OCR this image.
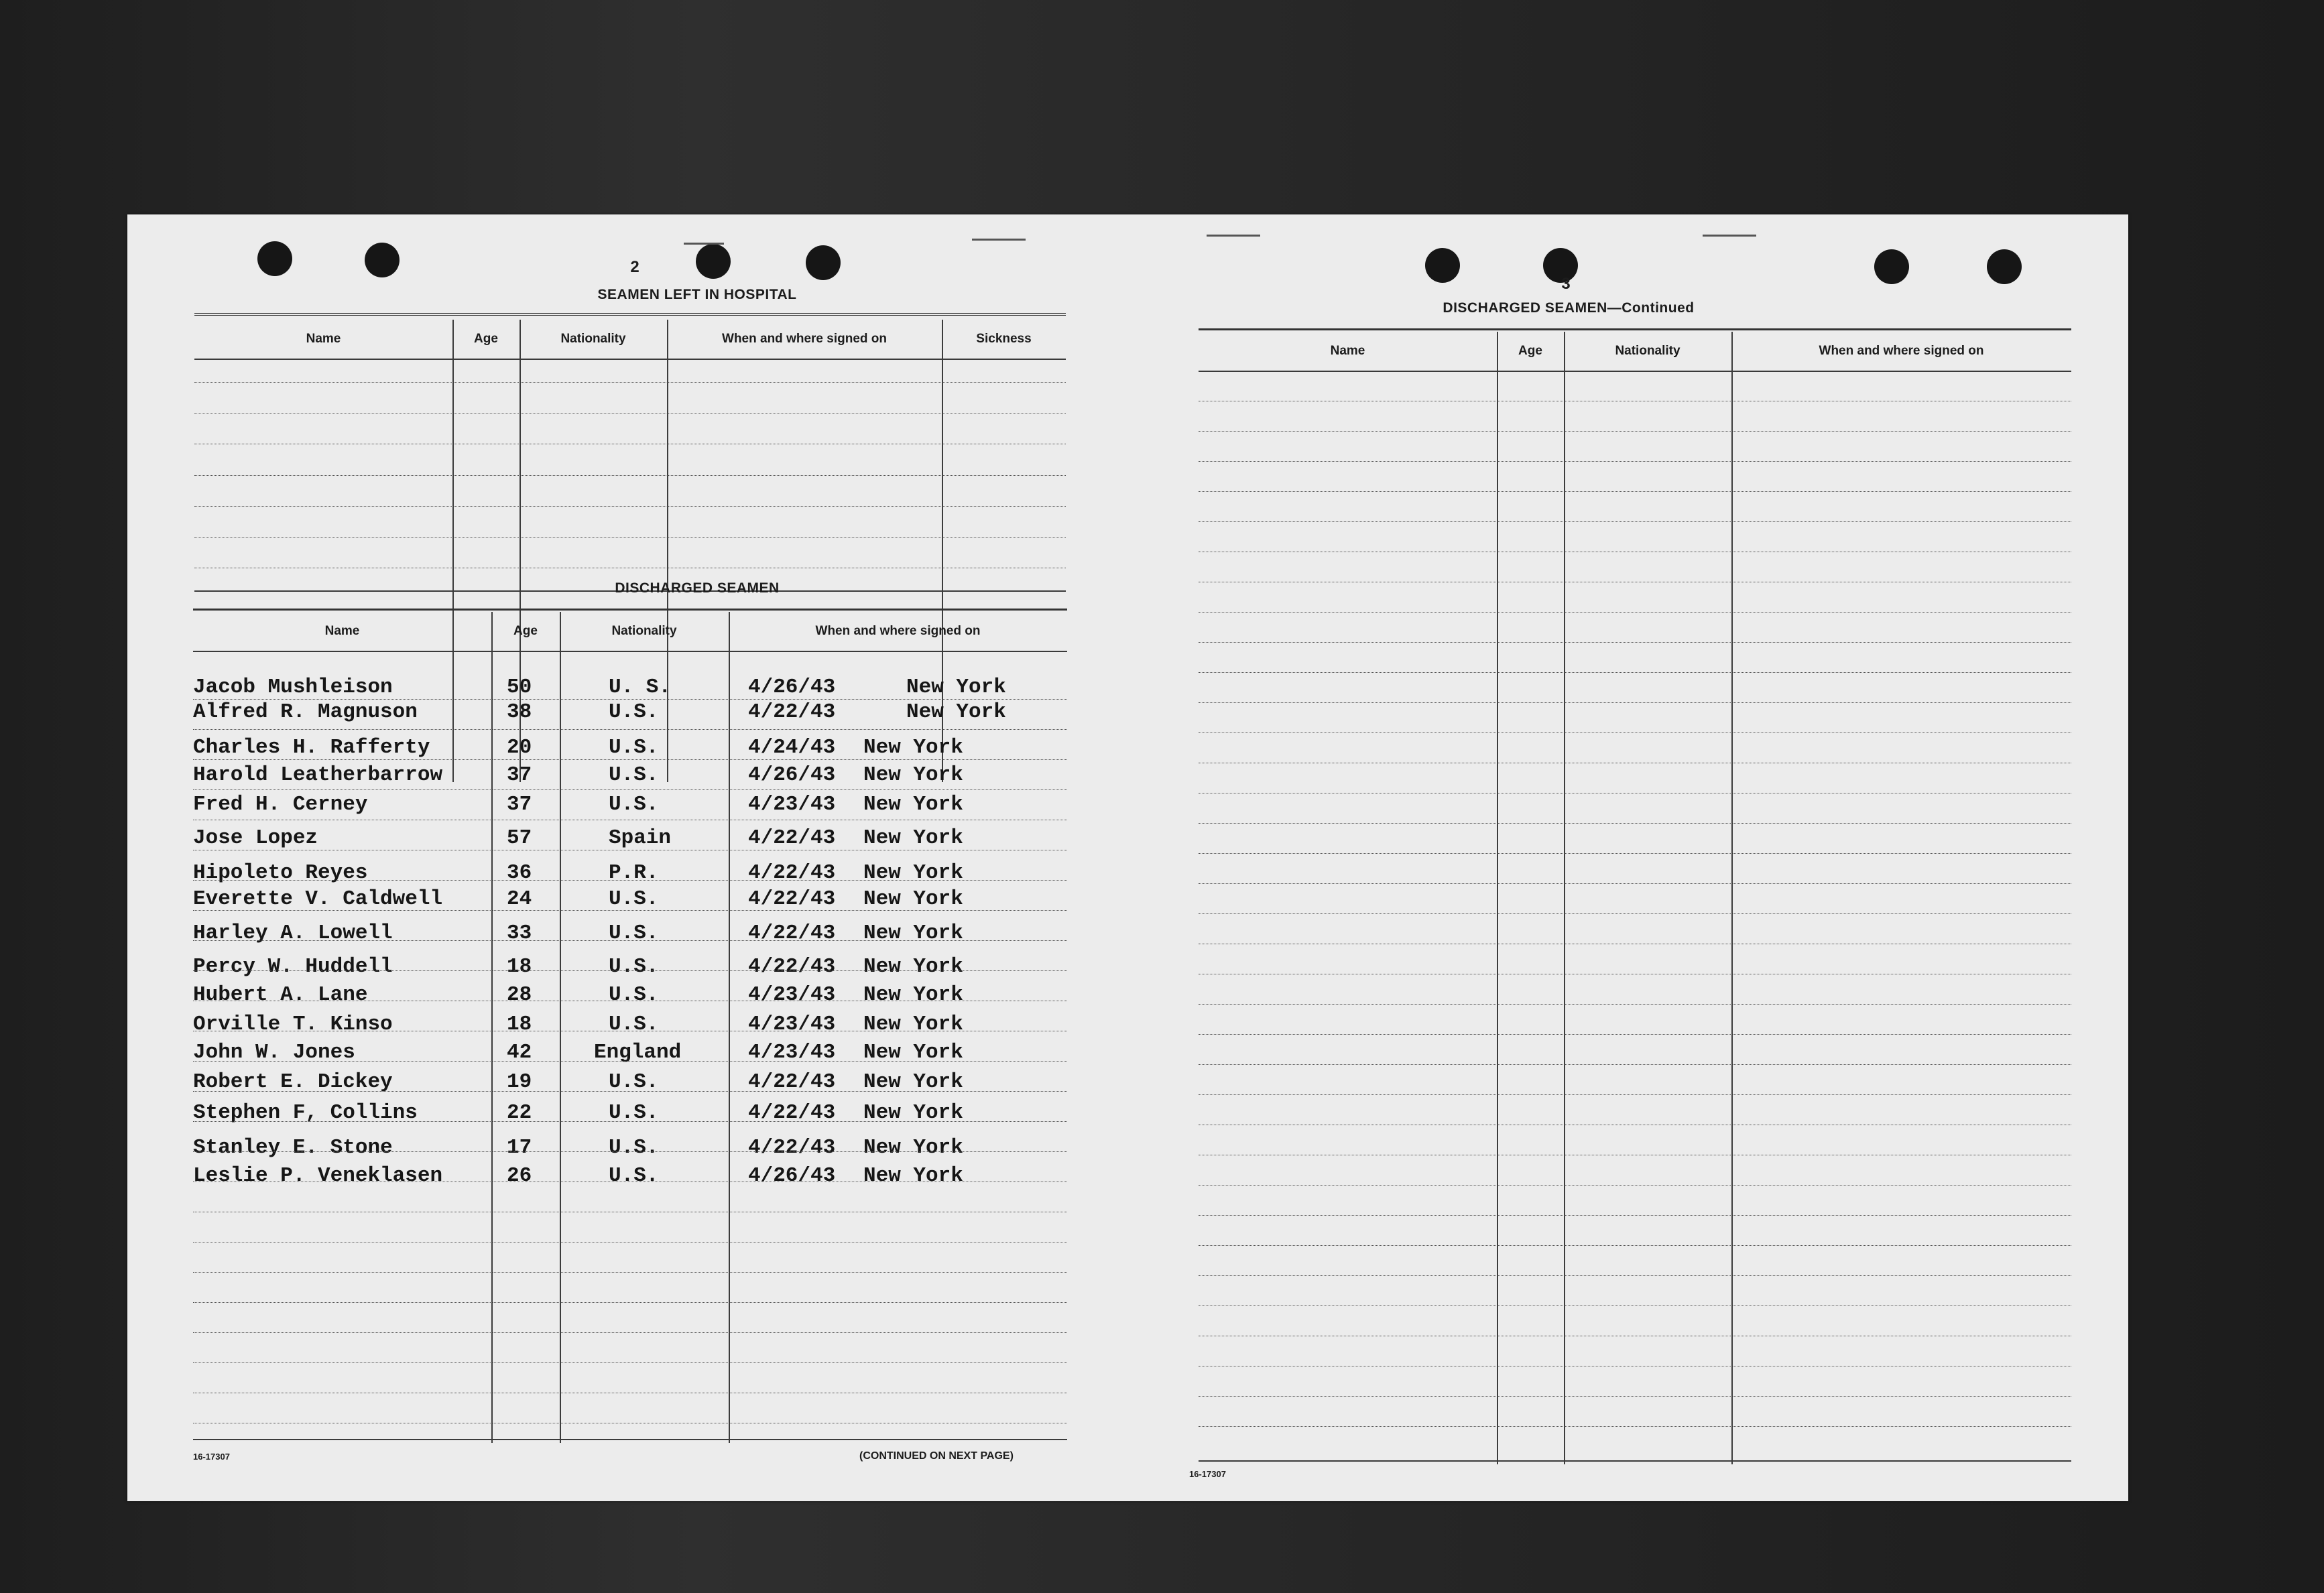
2
SEAMEN LEFT IN HOSPITAL
Name	Age	Nationality	When and where signed on	Sickness
DISCHARGED SEAMEN
Name	Age	Nationality	When and where signed on
Jacob Mushleison	50	U. S.	4/26/43	New York
Alfred R. Magnuson	38	U.S.	4/22/43	New York
Charles H. Rafferty	20	U.S.	4/24/43 New York
Harold Leatherbarrow	37	U.S.	4/26/43 New York
Fred H. Cerney	37	U.S.	4/23/43 New York
Jose Lopez	57	Spain	4/22/43 New York
Hipoleto Reyes	36	P.R.	4/22/43 New York
Everette V. Caldwell	24	U.S.	4/22/43 New York
Harley A. Lowell	33	U.S.	4/22/43 New York
Percy W. Huddell	18	U.S.	4/22/43 New York
Hubert A. Lane	28	U.S.	4/23/43 New York
Orville T. Kinso	18	U.S.	4/23/43 New York
John W. Jones	42	England	4/23/43 New York
Robert E. Dickey	19	U.S.	4/22/43 New York
Stephen F, Collins	22	U.S.	4/22/43 New York
Stanley E. Stone	17	U.S.	4/22/43 New York
Leslie P. Veneklasen	26	U.S.	4/26/43 New York
16-17307	(CONTINUED ON NEXT PAGE)
3
DISCHARGED SEAMEN—Continued
Name	Age	Nationality	When and where signed on
16-17307
